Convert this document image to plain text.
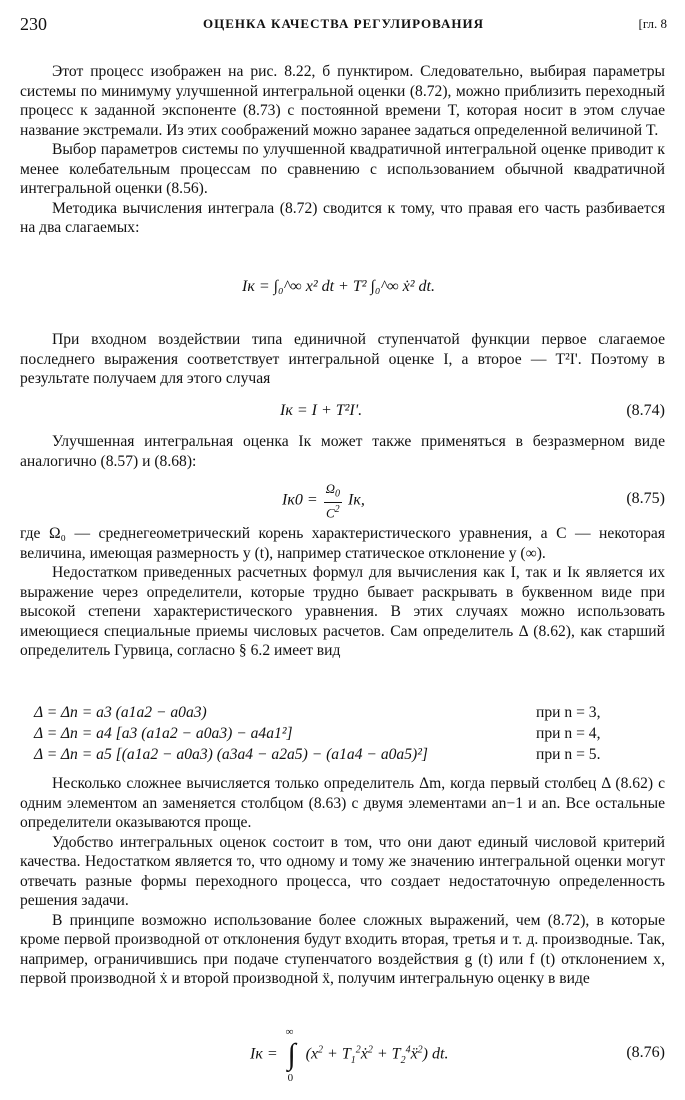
230	ОЦЕНКА КАЧЕСТВА РЕГУЛИРОВАНИЯ	[гл. 8

Этот процесс изображен на рис. 8.22, б пунктиром. Следовательно, выбирая параметры системы по минимуму улучшенной интегральной оценки (8.72), можно приблизить переходный процесс к заданной экспоненте (8.73) с постоянной времени T, которая носит в этом случае название экстремали. Из этих соображений можно заранее задаться определенной величиной T.

Выбор параметров системы по улучшенной квадратичной интегральной оценке приводит к менее колебательным процессам по сравнению с использованием обычной квадратичной интегральной оценки (8.56).

Методика вычисления интеграла (8.72) сводится к тому, что правая его часть разбивается на два слагаемых:

Iк = ∫₀^∞ x² dt + T² ∫₀^∞ ẋ² dt.

При входном воздействии типа единичной ступенчатой функции первое слагаемое последнего выражения соответствует интегральной оценке I, а второе — T²I'. Поэтому в результате получаем для этого случая

Iк = I + T²I'.	(8.74)

Улучшенная интегральная оценка Iк может также применяться в безразмерном виде аналогично (8.57) и (8.68):

$Iк0 = \frac{\Omega_0}{C^2}$ Iк,	(8.75)

где Ω₀ — среднегеометрический корень характеристического уравнения, а C — некоторая величина, имеющая размерность y (t), например статическое отклонение y (∞).

Недостатком приведенных расчетных формул для вычисления как I, так и Iк является их выражение через определители, которые трудно бывает раскрывать в буквенном виде при высокой степени характеристического уравнения. В этих случаях можно использовать имеющиеся специальные приемы числовых расчетов. Сам определитель Δ (8.62), как старший определитель Гурвица, согласно § 6.2 имеет вид

Δ = Δn = a3 (a1a2 − a0a3)	при n = 3,
Δ = Δn = a4 [a3 (a1a2 − a0a3) − a4a1²]	при n = 4,
Δ = Δn = a5 [(a1a2 − a0a3) (a3a4 − a2a5) − (a1a4 − a0a5)²]	при n = 5.

Несколько сложнее вычисляется только определитель Δm, когда первый столбец Δ (8.62) с одним элементом an заменяется столбцом (8.63) с двумя элементами an−1 и an. Все остальные определители оказываются проще.

Удобство интегральных оценок состоит в том, что они дают единый числовой критерий качества. Недостатком является то, что одному и тому же значению интегральной оценки могут отвечать разные формы переходного процесса, что создает недостаточную определенность решения задачи.

В принципе возможно использование более сложных выражений, чем (8.72), в которые кроме первой производной от отклонения будут входить вторая, третья и т. д. производные. Так, например, ограничившись при подаче ступенчатого воздействия g (t) или f (t) отклонением x, первой производной ẋ и второй производной ẍ, получим интегральную оценку в виде

Iк =
∞
∫
0
($x^2$ + $T_1^2ẋ^2$ + $T_2^4ẍ^2$) dt.	(8.76)
